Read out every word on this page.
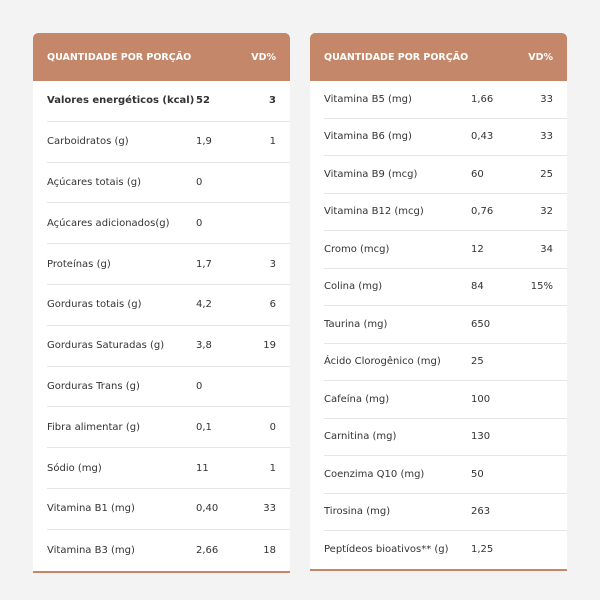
QUANTIDADE POR PORÇÃO	VD%
Valores energéticos (kcal) 52	3
Carboidratos (g)	1,9	1
Açúcares totais (g)	0
Açúcares adicionados(g)	0
Proteínas (g)	1,7	3
Gorduras totais (g)	4,2	6
Gorduras Saturadas (g)	3,8	19
Gorduras Trans (g)	0
Fibra alimentar (g)	0,1	0
Sódio (mg)	11	1
Vitamina B1 (mg)	0,40	33
Vitamina B3 (mg)	2,66	18
QUANTIDADE POR PORÇÃO	VD%
Vitamina B5 (mg)	1,66	33
Vitamina B6 (mg)	0,43	33
Vitamina B9 (mcg)	60	25
Vitamina B12 (mcg)	0,76	32
Cromo (mcg)	12	34
Colina (mg)	84	15%
Taurina (mg)	650
Ácido Clorogênico (mg)	25
Cafeína (mg)	100
Carnitina (mg)	130
Coenzima Q10 (mg)	50
Tirosina (mg)	263
Peptídeos bioativos** (g)	1,25
